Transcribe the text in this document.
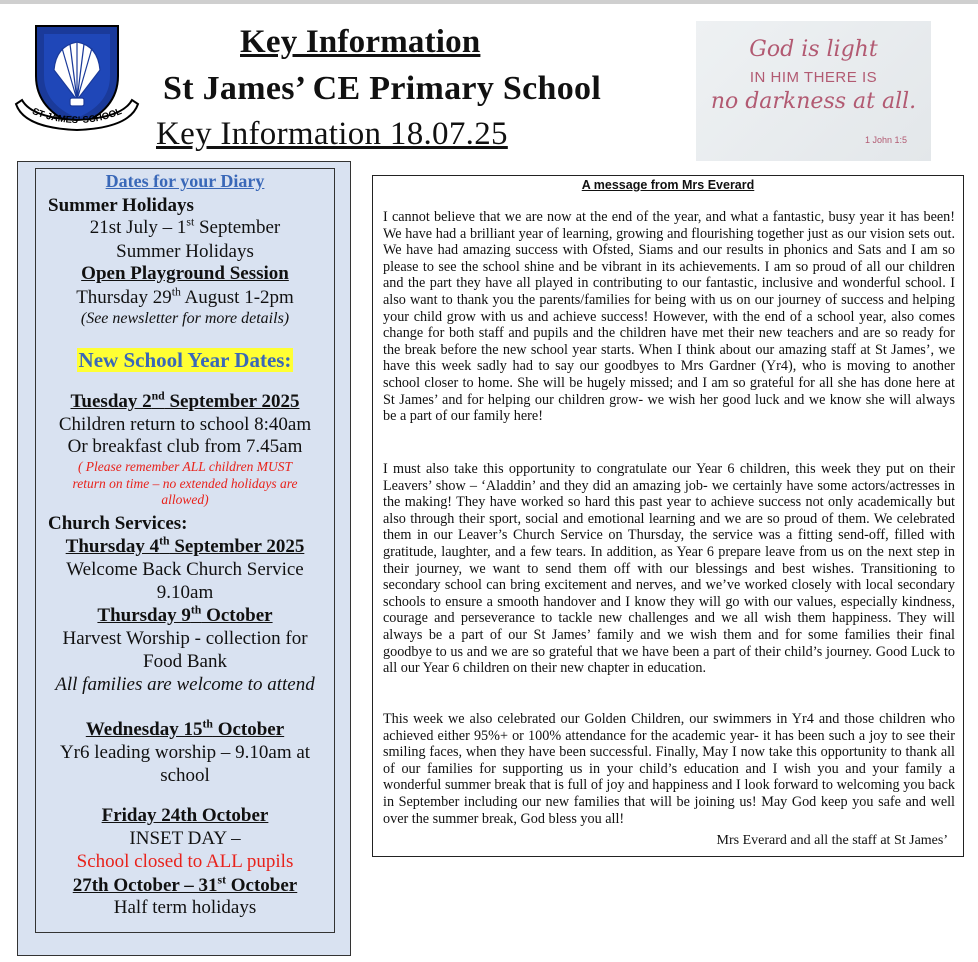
ST JAMES' SCHOOL
Key Information
St James’ CE Primary School
Key Information 18.07.25
God is light
IN HIM THERE IS
no darkness at all.
1 John 1:5
Dates for your Diary
Summer Holidays
21st July – 1st September
Summer Holidays
Open Playground Session
Thursday 29th August 1-2pm
(See newsletter for more details)
New School Year Dates:
Tuesday 2nd September 2025
Children return to school 8:40am
Or breakfast club from 7.45am
( Please remember ALL children MUST
return on time – no extended holidays are
allowed)
Church Services:
Thursday 4th September 2025
Welcome Back Church Service
9.10am
Thursday 9th October
Harvest Worship - collection for
Food Bank
All families are welcome to attend
Wednesday 15th October
Yr6 leading worship – 9.10am at
school
Friday 24th October
INSET DAY –
School closed to ALL pupils
27th October – 31st October
Half term holidays
A message from Mrs Everard
I cannot believe that we are now at the end of the year, and what a fantastic, busy year it has been! We have had a brilliant year of learning, growing and flourishing together just as our vision sets out. We have had amazing success with Ofsted, Siams and our results in phonics and Sats and I am so please to see the school shine and be vibrant in its achievements. I am so proud of all our children and the part they have all played in contributing to our fantastic, inclusive and wonderful school. I also want to thank you the parents/families for being with us on our journey of success and helping your child grow with us and achieve success! However, with the end of a school year, also comes change for both staff and pupils and the children have met their new teachers and are so ready for the break before the new school year starts. When I think about our amazing staff at St James’, we have this week sadly had to say our goodbyes to Mrs Gardner (Yr4), who is moving to another school closer to home. She will be hugely missed; and I am so grateful for all she has done here at St James’ and for helping our children grow- we wish her good luck and we know she will always be a part of our family here!
I must also take this opportunity to congratulate our Year 6 children, this week they put on their Leavers’ show – ‘Aladdin’ and they did an amazing job- we certainly have some actors/actresses in the making! They have worked so hard this past year to achieve success not only academically but also through their sport, social and emotional learning and we are so proud of them. We celebrated them in our Leaver’s Church Service on Thursday, the service was a fitting send-off, filled with gratitude, laughter, and a few tears. In addition, as Year 6 prepare leave from us on the next step in their journey, we want to send them off with our blessings and best wishes. Transitioning to secondary school can bring excitement and nerves, and we’ve worked closely with local secondary schools to ensure a smooth handover and I know they will go with our values, especially kindness, courage and perseverance to tackle new challenges and we all wish them happiness. They will always be a part of our St James’ family and we wish them and for some families their final goodbye to us and we are so grateful that we have been a part of their child’s journey. Good Luck to all our Year 6 children on their new chapter in education.
This week we also celebrated our Golden Children, our swimmers in Yr4 and those children who achieved either 95%+ or 100% attendance for the academic year- it has been such a joy to see their smiling faces, when they have been successful. Finally, May I now take this opportunity to thank all of our families for supporting us in your child’s education and I wish you and your family a wonderful summer break that is full of joy and happiness and I look forward to welcoming you back in September including our new families that will be joining us! May God keep you safe and well over the summer break, God bless you all!
Mrs Everard and all the staff at St James’
